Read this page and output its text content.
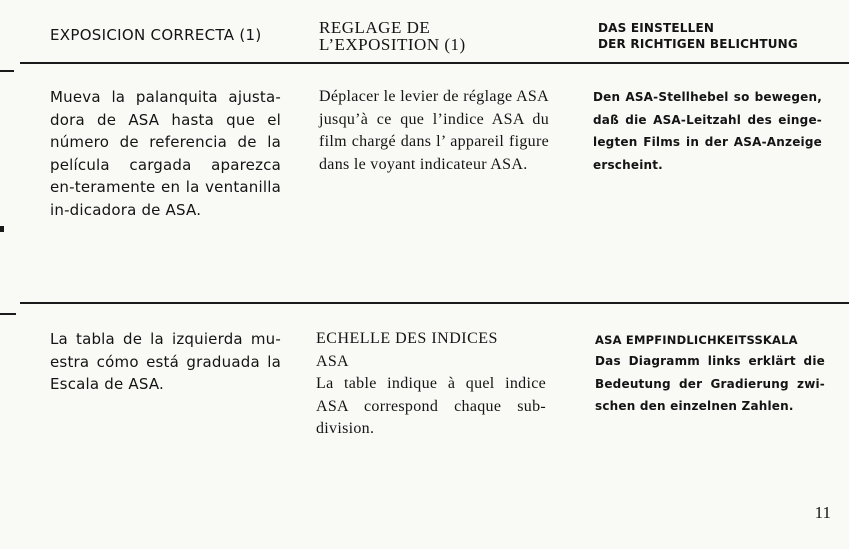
EXPOSICION CORRECTA (1)	REGLAGE DE
L’EXPOSITION (1)
DAS EINSTELLEN
DER RICHTIGEN BELICHTUNG
Mueva la palanquita ajusta-dora de ASA hasta que el número de referencia de la película cargada aparezca en-teramente en la ventanilla in-dicadora de ASA.
Déplacer le levier de réglage ASA jusqu’à ce que l’indice ASA du film chargé dans l’ appareil figure dans le voyant indicateur ASA.
Den ASA-Stellhebel so bewegen, daß die ASA-Leitzahl des einge-legten Films in der ASA-Anzeige erscheint.
La tabla de la izquierda mu-estra cómo está graduada la Escala de ASA.
ECHELLE DES INDICES
ASA
La table indique à quel indice ASA correspond chaque sub-division.
ASA EMPFINDLICHKEITSSKALA
Das Diagramm links erklärt die Bedeutung der Gradierung zwi-schen den einzelnen Zahlen.
11
